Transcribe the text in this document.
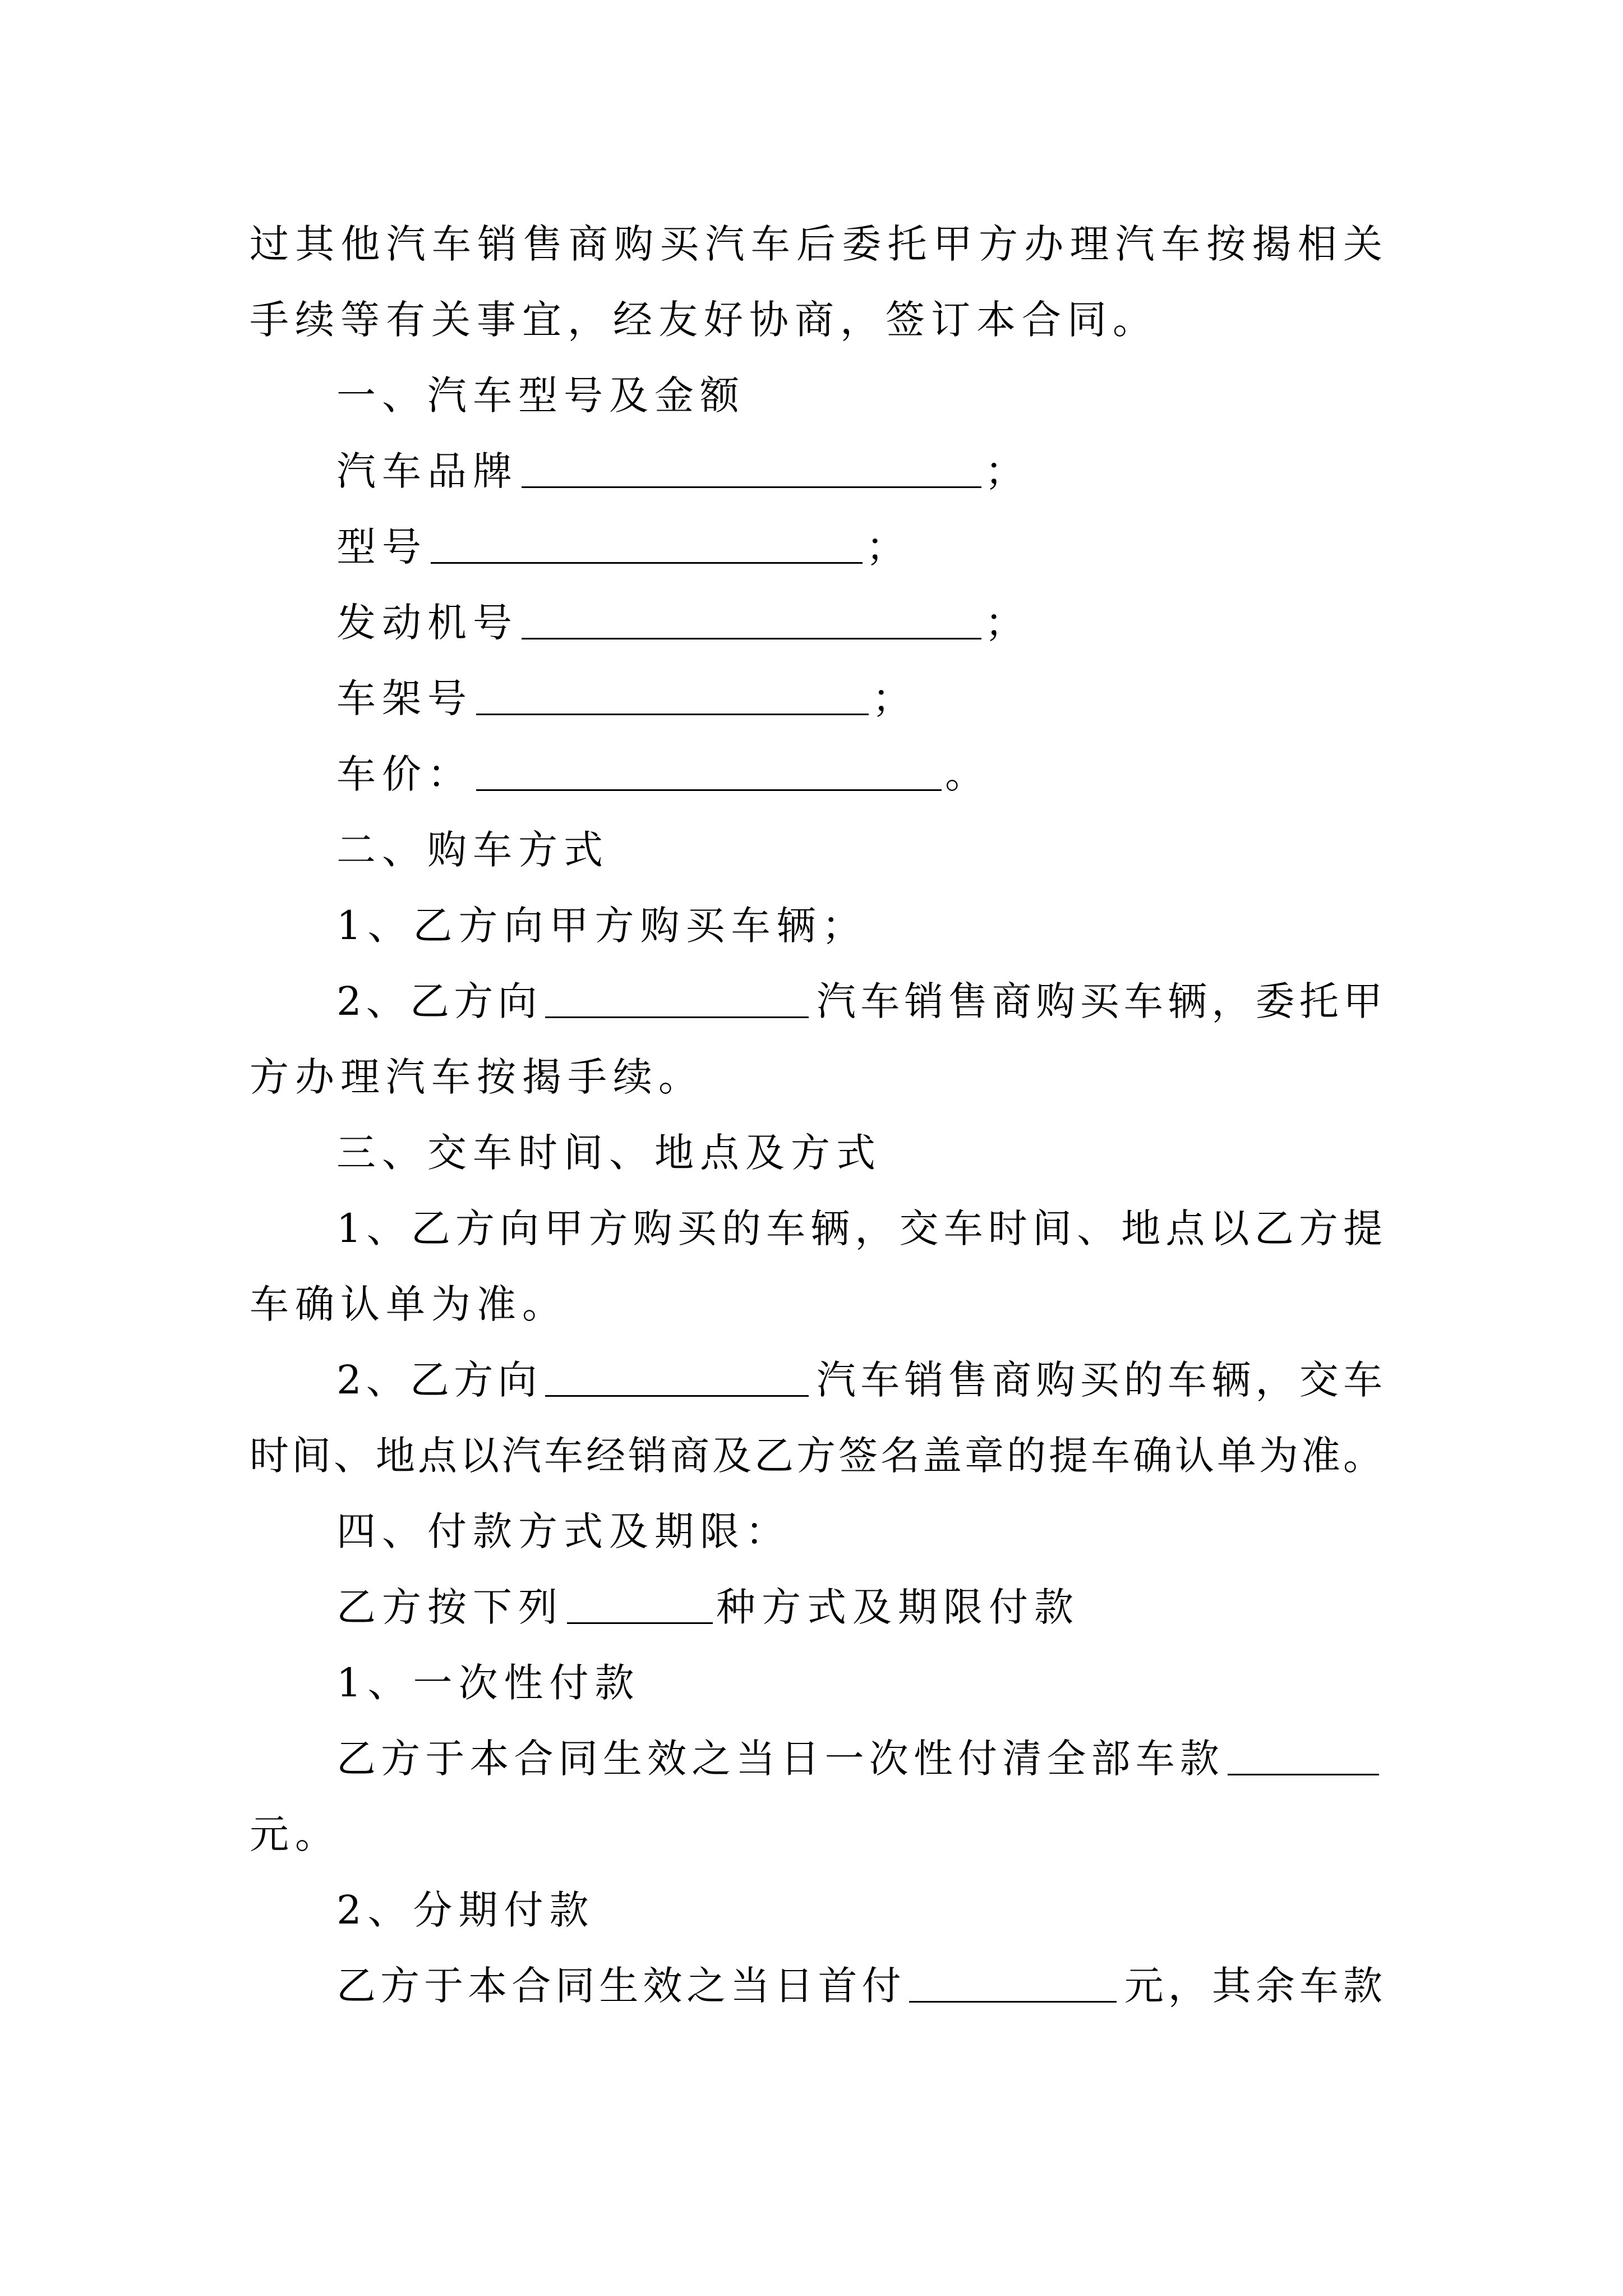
过其他汽车销售商购买汽车后委托甲方办理汽车按揭相关
手续等有关事宜，经友好协商，签订本合同。
一、汽车型号及金额
汽车品牌	；
型号	；
发动机号	；
车架号	；
车价：	。
二、购车方式
1、乙方向甲方购买车辆；
2、乙方向	汽车销售商购买车辆，委托甲
方办理汽车按揭手续。
三、交车时间、地点及方式
1、乙方向甲方购买的车辆，交车时间、地点以乙方提
车确认单为准。
2、乙方向	汽车销售商购买的车辆，交车
时间、地点以汽车经销商及乙方签名盖章的提车确认单为准。
四、付款方式及期限：
乙方按下列	种方式及期限付款
1、一次性付款
乙方于本合同生效之当日一次性付清全部车款
元。
2、分期付款
乙方于本合同生效之当日首付	元，其余车款
